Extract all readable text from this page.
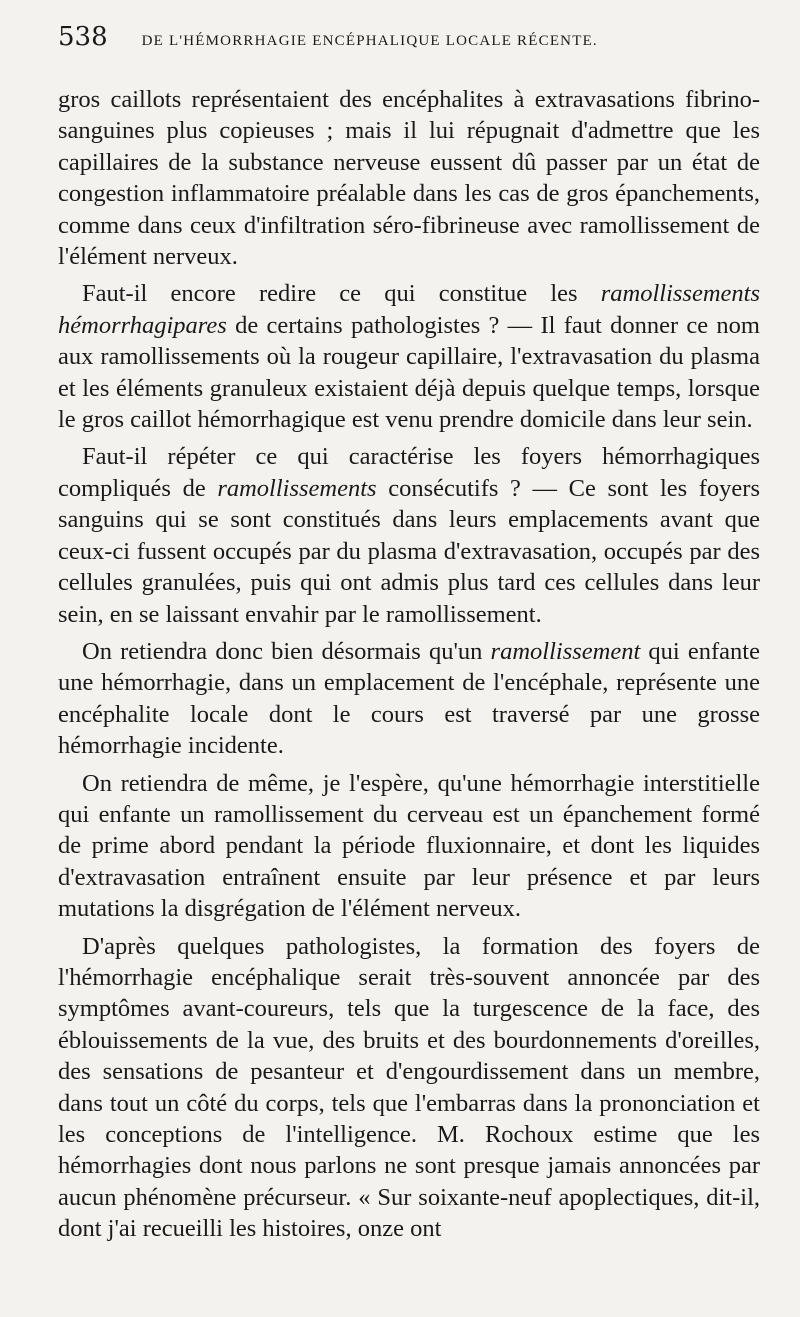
538 DE L'HÉMORRHAGIE ENCÉPHALIQUE LOCALE RÉCENTE.

gros caillots représentaient des encéphalites à extravasations fibrino-sanguines plus copieuses ; mais il lui répugnait d'admettre que les capillaires de la substance nerveuse eussent dû passer par un état de congestion inflammatoire préalable dans les cas de gros épanchements, comme dans ceux d'infiltration séro-fibrineuse avec ramollissement de l'élément nerveux.

Faut-il encore redire ce qui constitue les ramollissements hémorrhagipares de certains pathologistes ? — Il faut donner ce nom aux ramollissements où la rougeur capillaire, l'extravasation du plasma et les éléments granuleux existaient déjà depuis quelque temps, lorsque le gros caillot hémorrhagique est venu prendre domicile dans leur sein.

Faut-il répéter ce qui caractérise les foyers hémorrhagiques compliqués de ramollissements consécutifs ? — Ce sont les foyers sanguins qui se sont constitués dans leurs emplacements avant que ceux-ci fussent occupés par du plasma d'extravasation, occupés par des cellules granulées, puis qui ont admis plus tard ces cellules dans leur sein, en se laissant envahir par le ramollissement.

On retiendra donc bien désormais qu'un ramollissement qui enfante une hémorrhagie, dans un emplacement de l'encéphale, représente une encéphalite locale dont le cours est traversé par une grosse hémorrhagie incidente.

On retiendra de même, je l'espère, qu'une hémorrhagie interstitielle qui enfante un ramollissement du cerveau est un épanchement formé de prime abord pendant la période fluxionnaire, et dont les liquides d'extravasation entraînent ensuite par leur présence et par leurs mutations la disgrégation de l'élément nerveux.

D'après quelques pathologistes, la formation des foyers de l'hémorrhagie encéphalique serait très-souvent annoncée par des symptômes avant-coureurs, tels que la turgescence de la face, des éblouissements de la vue, des bruits et des bourdonnements d'oreilles, des sensations de pesanteur et d'engourdissement dans un membre, dans tout un côté du corps, tels que l'embarras dans la prononciation et les conceptions de l'intelligence. M. Rochoux estime que les hémorrhagies dont nous parlons ne sont presque jamais annoncées par aucun phénomène précurseur. « Sur soixante-neuf apoplectiques, dit-il, dont j'ai recueilli les histoires, onze ont
